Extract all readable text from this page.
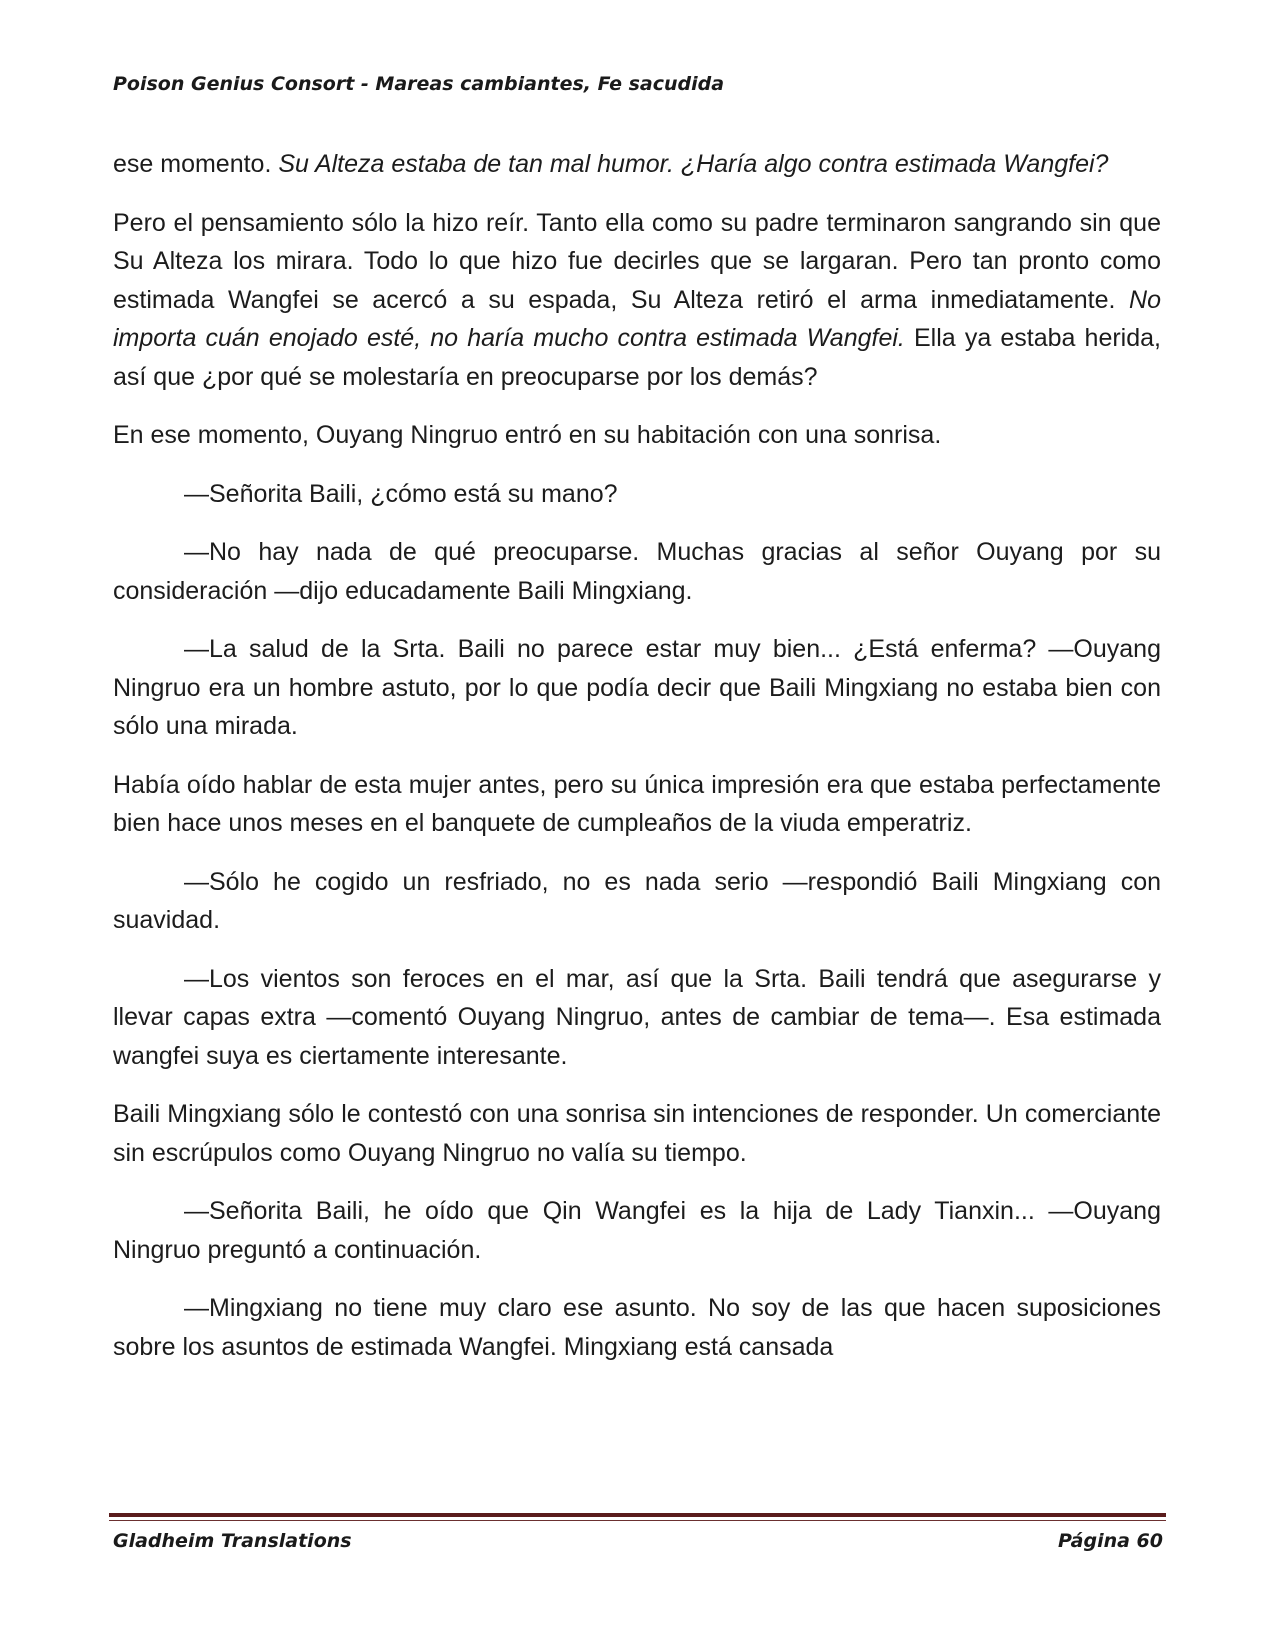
Poison Genius Consort - Mareas cambiantes, Fe sacudida

ese momento. Su Alteza estaba de tan mal humor. ¿Haría algo contra estimada Wangfei?

Pero el pensamiento sólo la hizo reír. Tanto ella como su padre terminaron sangrando sin que Su Alteza los mirara. Todo lo que hizo fue decirles que se largaran. Pero tan pronto como estimada Wangfei se acercó a su espada, Su Alteza retiró el arma inmediatamente. No importa cuán enojado esté, no haría mucho contra estimada Wangfei. Ella ya estaba herida, así que ¿por qué se molestaría en preocuparse por los demás?

En ese momento, Ouyang Ningruo entró en su habitación con una sonrisa.

—Señorita Baili, ¿cómo está su mano?

—No hay nada de qué preocuparse. Muchas gracias al señor Ouyang por su consideración —dijo educadamente Baili Mingxiang.

—La salud de la Srta. Baili no parece estar muy bien... ¿Está enferma? —Ouyang Ningruo era un hombre astuto, por lo que podía decir que Baili Mingxiang no estaba bien con sólo una mirada.

Había oído hablar de esta mujer antes, pero su única impresión era que estaba perfectamente bien hace unos meses en el banquete de cumpleaños de la viuda emperatriz.

—Sólo he cogido un resfriado, no es nada serio —respondió Baili Mingxiang con suavidad.

—Los vientos son feroces en el mar, así que la Srta. Baili tendrá que asegurarse y llevar capas extra —comentó Ouyang Ningruo, antes de cambiar de tema—. Esa estimada wangfei suya es ciertamente interesante.

Baili Mingxiang sólo le contestó con una sonrisa sin intenciones de responder. Un comerciante sin escrúpulos como Ouyang Ningruo no valía su tiempo.

—Señorita Baili, he oído que Qin Wangfei es la hija de Lady Tianxin... —Ouyang Ningruo preguntó a continuación.

—Mingxiang no tiene muy claro ese asunto. No soy de las que hacen suposiciones sobre los asuntos de estimada Wangfei. Mingxiang está cansada

Gladheim Translations	Página 60
